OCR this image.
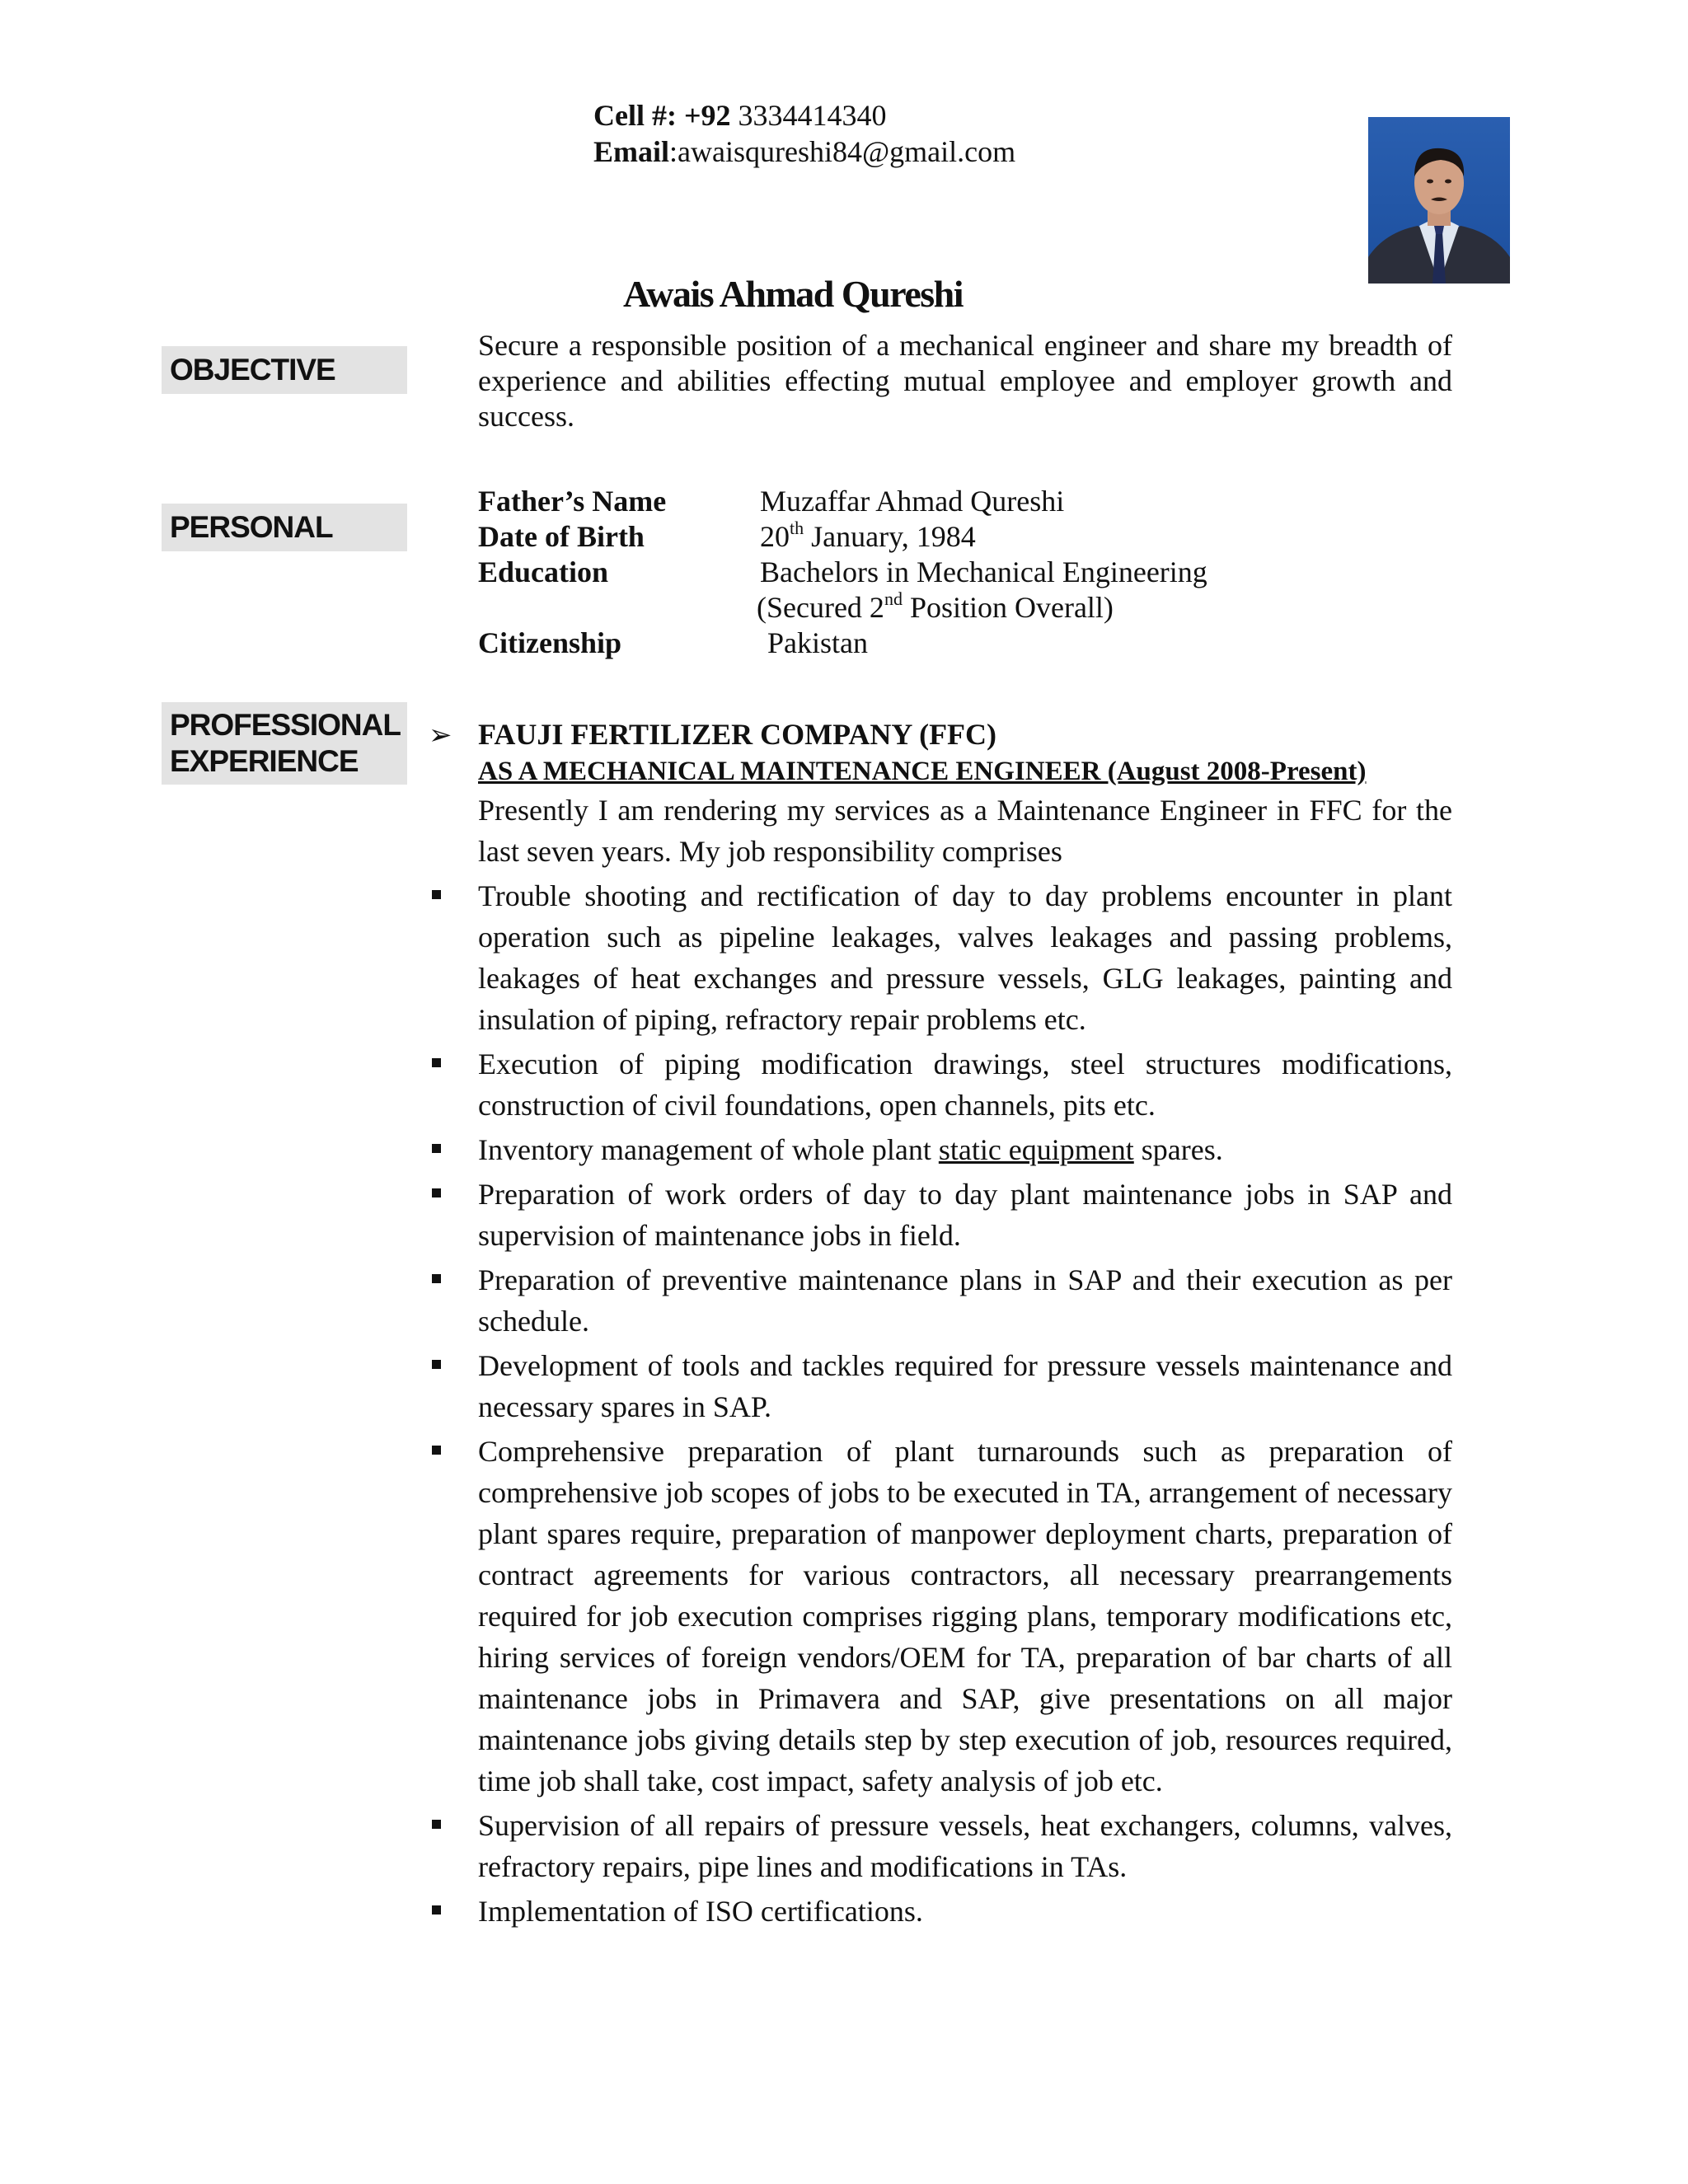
Cell #: +92 3334414340
Email:awaisqureshi84@gmail.com
Awais Ahmad Qureshi
OBJECTIVE
Secure a responsible position of a mechanical engineer and share my breadth of experience and abilities effecting mutual employee and employer growth and success.
PERSONAL
Father’s Name	Muzaffar Ahmad Qureshi
Date of Birth	20th January, 1984
Education	Bachelors in Mechanical Engineering
(Secured 2nd Position Overall)
Citizenship	Pakistan
PROFESSIONAL
EXPERIENCE
➢ FAUJI FERTILIZER COMPANY (FFC)
AS A MECHANICAL MAINTENANCE ENGINEER (August 2008-Present)
Presently I am rendering my services as a Maintenance Engineer in FFC for the last seven years. My job responsibility comprises
Trouble shooting and rectification of day to day problems encounter in plant operation such as pipeline leakages, valves leakages and passing problems, leakages of heat exchanges and pressure vessels, GLG leakages, painting and insulation of piping, refractory repair problems etc.
Execution of piping modification drawings, steel structures modifications, construction of civil foundations, open channels, pits etc.
Inventory management of whole plant static equipment spares.
Preparation of work orders of day to day plant maintenance jobs in SAP and supervision of maintenance jobs in field.
Preparation of preventive maintenance plans in SAP and their execution as per schedule.
Development of tools and tackles required for pressure vessels maintenance and necessary spares in SAP.
Comprehensive preparation of plant turnarounds such as preparation of comprehensive job scopes of jobs to be executed in TA, arrangement of necessary plant spares require, preparation of manpower deployment charts, preparation of contract agreements for various contractors, all necessary prearrangements required for job execution comprises rigging plans, temporary modifications etc, hiring services of foreign vendors/OEM for TA, preparation of bar charts of all maintenance jobs in Primavera and SAP, give presentations on all major maintenance jobs giving details step by step execution of job, resources required, time job shall take, cost impact, safety analysis of job etc.
Supervision of all repairs of pressure vessels, heat exchangers, columns, valves, refractory repairs, pipe lines and modifications in TAs.
Implementation of ISO certifications.
